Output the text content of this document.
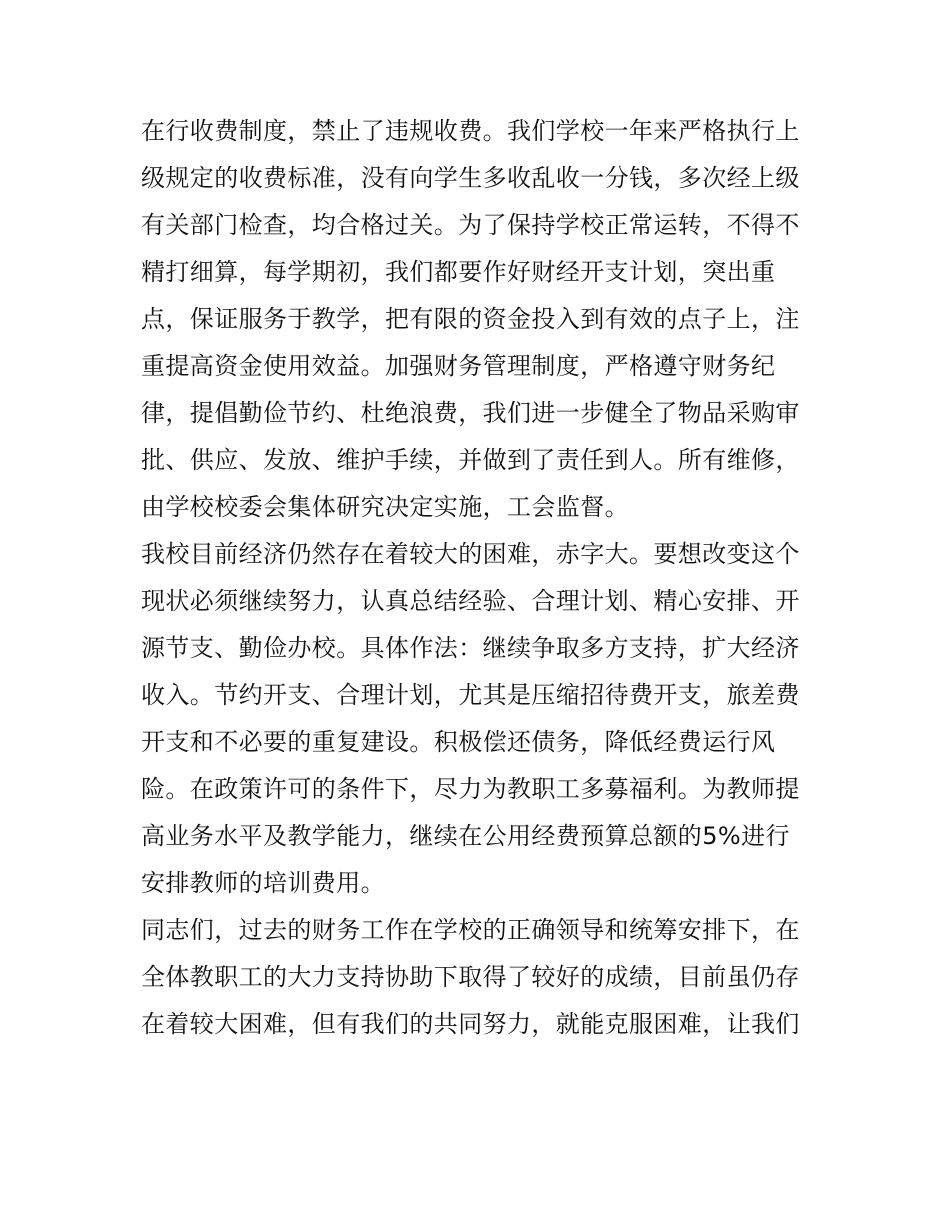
在行收费制度，禁止了违规收费。我们学校一年来严格执行上
级规定的收费标准，没有向学生多收乱收一分钱，多次经上级
有关部门检查，均合格过关。为了保持学校正常运转，不得不
精打细算，每学期初，我们都要作好财经开支计划，突出重
点，保证服务于教学，把有限的资金投入到有效的点子上，注
重提高资金使用效益。加强财务管理制度，严格遵守财务纪
律，提倡勤俭节约、杜绝浪费，我们进一步健全了物品采购审
批、供应、发放、维护手续，并做到了责任到人。所有维修，
由学校校委会集体研究决定实施，工会监督。
我校目前经济仍然存在着较大的困难，赤字大。要想改变这个
现状必须继续努力，认真总结经验、合理计划、精心安排、开
源节支、勤俭办校。具体作法：继续争取多方支持，扩大经济
收入。节约开支、合理计划，尤其是压缩招待费开支，旅差费
开支和不必要的重复建设。积极偿还债务，降低经费运行风
险。在政策许可的条件下，尽力为教职工多募福利。为教师提
高业务水平及教学能力，继续在公用经费预算总额的5%进行
安排教师的培训费用。
同志们，过去的财务工作在学校的正确领导和统筹安排下，在
全体教职工的大力支持协助下取得了较好的成绩，目前虽仍存
在着较大困难，但有我们的共同努力，就能克服困难，让我们
